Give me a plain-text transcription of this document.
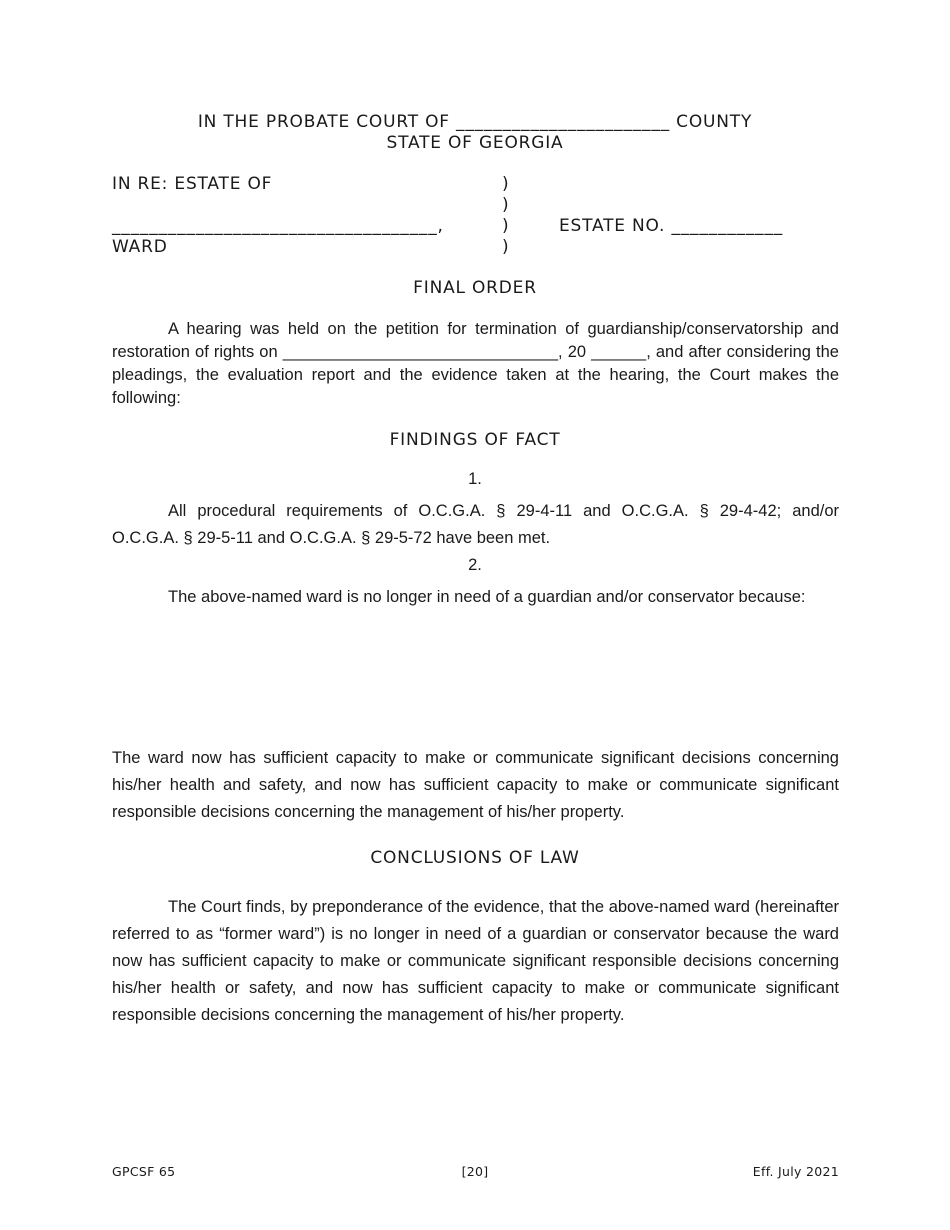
IN THE PROBATE COURT OF _______________________ COUNTY
STATE OF GEORGIA
IN RE: ESTATE OF
___________________________________,
WARD
)
)
)
)
ESTATE NO. ____________
FINAL ORDER
A hearing was held on the petition for termination of guardianship/conservatorship and restoration of rights on ______________________________, 20 ______, and after considering the pleadings, the evaluation report and the evidence taken at the hearing, the Court makes the following:
FINDINGS OF FACT
1.
All procedural requirements of O.C.G.A. § 29-4-11 and O.C.G.A. § 29-4-42; and/or O.C.G.A. § 29-5-11 and O.C.G.A. § 29-5-72 have been met.
2.
The above-named ward is no longer in need of a guardian and/or conservator because:
The ward now has sufficient capacity to make or communicate significant decisions concerning his/her health and safety, and now has sufficient capacity to make or communicate significant responsible decisions concerning the management of his/her property.
CONCLUSIONS OF LAW
The Court finds, by preponderance of the evidence, that the above-named ward (hereinafter referred to as “former ward”) is no longer in need of a guardian or conservator because the ward now has sufficient capacity to make or communicate significant responsible decisions concerning his/her health or safety, and now has sufficient capacity to make or communicate significant responsible decisions concerning the management of his/her property.
GPCSF 65	[20]	Eff. July 2021
